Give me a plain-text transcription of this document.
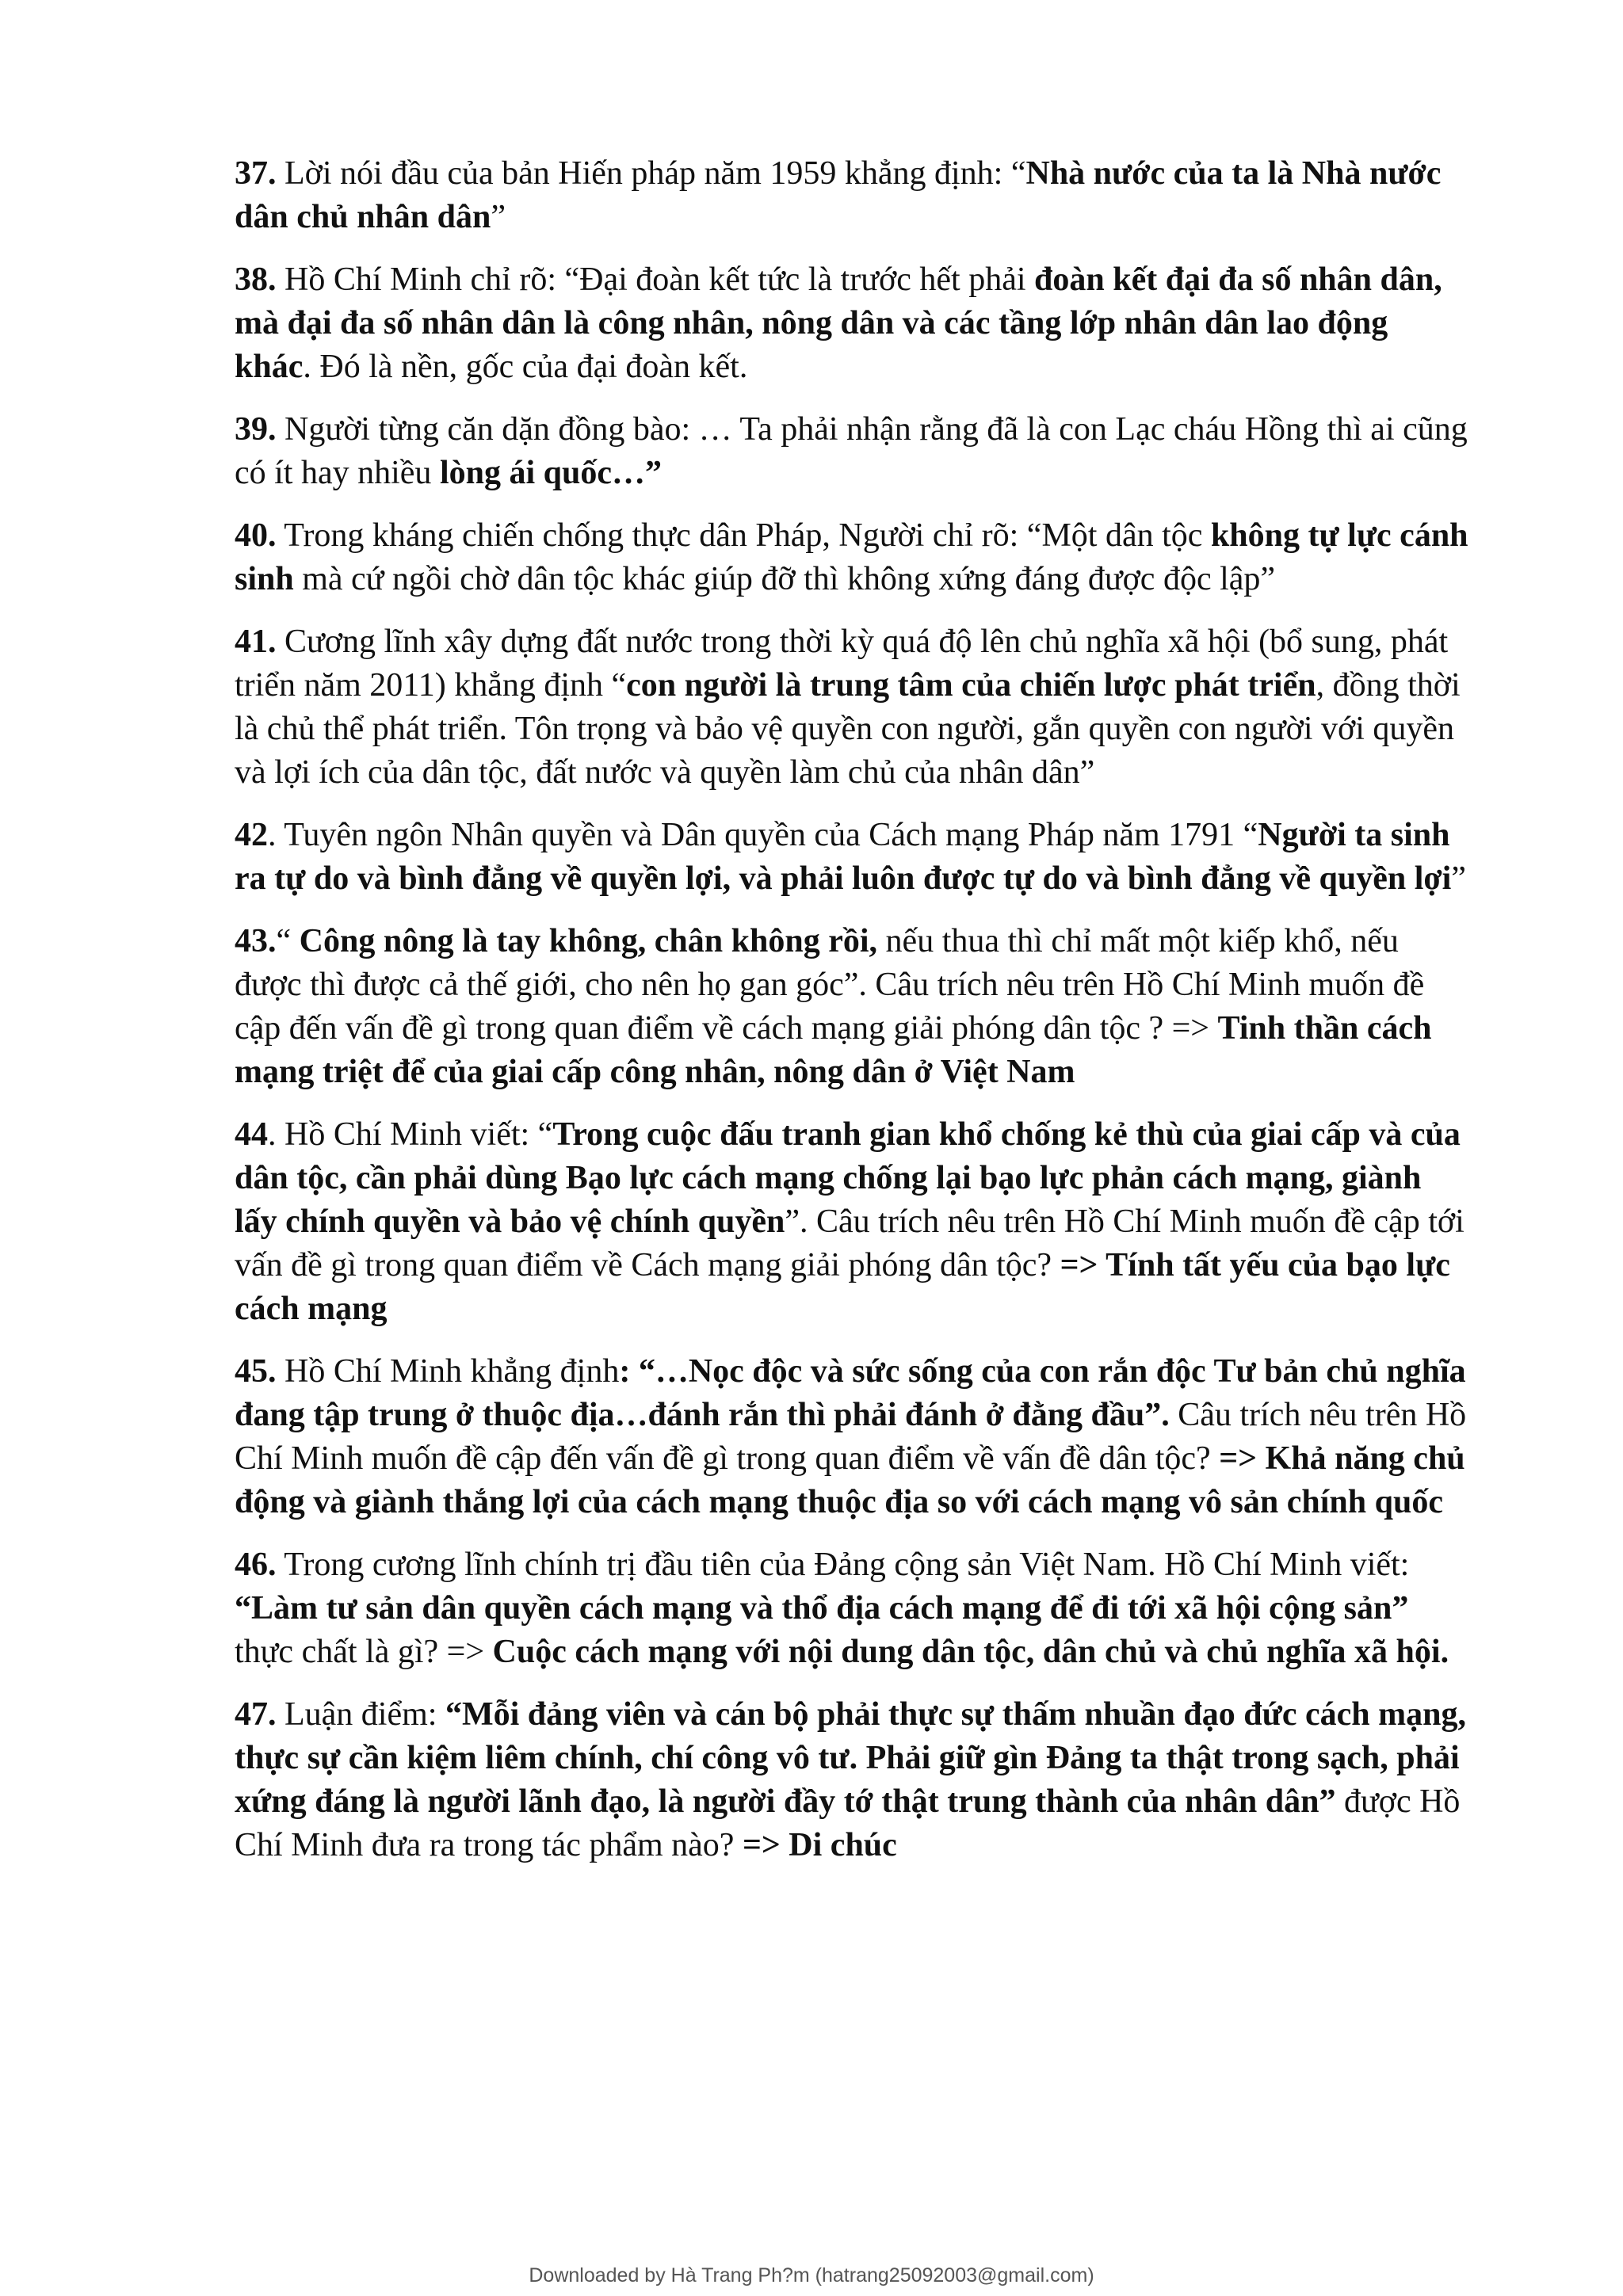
37. Lời nói đầu của bản Hiến pháp năm 1959 khẳng định: “Nhà nước của ta là Nhà nước dân chủ nhân dân”

38. Hồ Chí Minh chỉ rõ: “Đại đoàn kết tức là trước hết phải đoàn kết đại đa số nhân dân, mà đại đa số nhân dân là công nhân, nông dân và các tầng lớp nhân dân lao động khác. Đó là nền, gốc của đại đoàn kết.

39. Người từng căn dặn đồng bào: … Ta phải nhận rằng đã là con Lạc cháu Hồng thì ai cũng có ít hay nhiều lòng ái quốc…”

40. Trong kháng chiến chống thực dân Pháp, Người chỉ rõ: “Một dân tộc không tự lực cánh sinh mà cứ ngồi chờ dân tộc khác giúp đỡ thì không xứng đáng được độc lập”

41. Cương lĩnh xây dựng đất nước trong thời kỳ quá độ lên chủ nghĩa xã hội (bổ sung, phát triển năm 2011) khẳng định “con người là trung tâm của chiến lược phát triển, đồng thời là chủ thể phát triển. Tôn trọng và bảo vệ quyền con người, gắn quyền con người với quyền và lợi ích của dân tộc, đất nước và quyền làm chủ của nhân dân”

42. Tuyên ngôn Nhân quyền và Dân quyền của Cách mạng Pháp năm 1791 “Người ta sinh ra tự do và bình đẳng về quyền lợi, và phải luôn được tự do và bình đẳng về quyền lợi”

43.“ Công nông là tay không, chân không rồi, nếu thua thì chỉ mất một kiếp khổ, nếu được thì được cả thế giới, cho nên họ gan góc”. Câu trích nêu trên Hồ Chí Minh muốn đề cập đến vấn đề gì trong quan điểm về cách mạng giải phóng dân tộc ? => Tinh thần cách mạng triệt để của giai cấp công nhân, nông dân ở Việt Nam

44. Hồ Chí Minh viết: “Trong cuộc đấu tranh gian khổ chống kẻ thù của giai cấp và của dân tộc, cần phải dùng Bạo lực cách mạng chống lại bạo lực phản cách mạng, giành lấy chính quyền và bảo vệ chính quyền”. Câu trích nêu trên Hồ Chí Minh muốn đề cập tới vấn đề gì trong quan điểm về Cách mạng giải phóng dân tộc? => Tính tất yếu của bạo lực cách mạng

45. Hồ Chí Minh khẳng định: “…Nọc độc và sức sống của con rắn độc Tư bản chủ nghĩa đang tập trung ở thuộc địa…đánh rắn thì phải đánh ở đằng đầu”. Câu trích nêu trên Hồ Chí Minh muốn đề cập đến vấn đề gì trong quan điểm về vấn đề dân tộc? => Khả năng chủ động và giành thắng lợi của cách mạng thuộc địa so với cách mạng vô sản chính quốc

46. Trong cương lĩnh chính trị đầu tiên của Đảng cộng sản Việt Nam. Hồ Chí Minh viết: “Làm tư sản dân quyền cách mạng và thổ địa cách mạng để đi tới xã hội cộng sản” thực chất là gì? => Cuộc cách mạng với nội dung dân tộc, dân chủ và chủ nghĩa xã hội.

47. Luận điểm: “Mỗi đảng viên và cán bộ phải thực sự thấm nhuần đạo đức cách mạng, thực sự cần kiệm liêm chính, chí công vô tư. Phải giữ gìn Đảng ta thật trong sạch, phải xứng đáng là người lãnh đạo, là người đầy tớ thật trung thành của nhân dân” được Hồ Chí Minh đưa ra trong tác phẩm nào? => Di chúc

Downloaded by Hà Trang Ph?m (hatrang25092003@gmail.com)
